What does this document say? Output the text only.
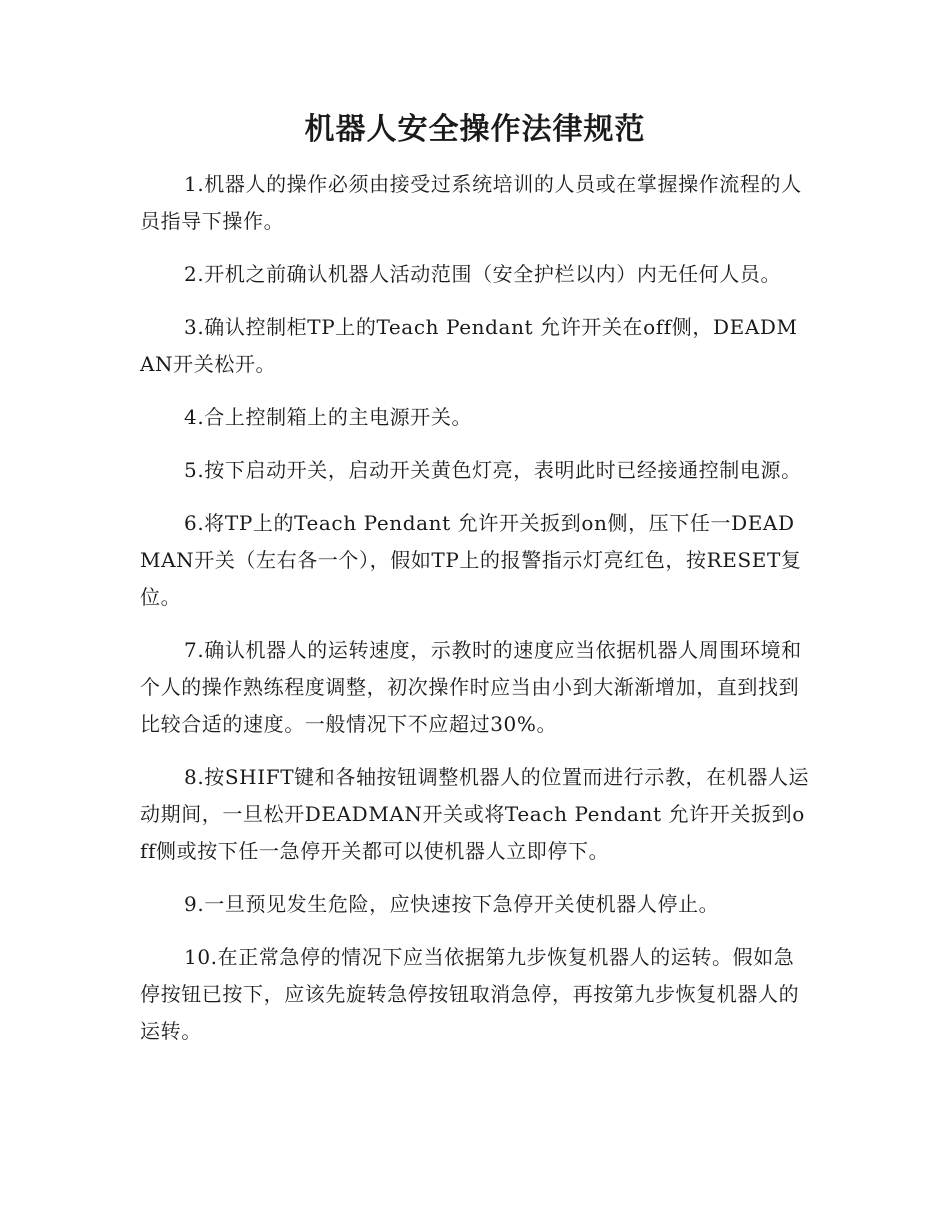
机器人安全操作法律规范

1.机器人的操作必须由接受过系统培训的人员或在掌握操作流程的人员指导下操作。

2.开机之前确认机器人活动范围（安全护栏以内）内无任何人员。

3.确认控制柜TP上的Teach Pendant 允许开关在off侧，DEADMAN开关松开。

4.合上控制箱上的主电源开关。

5.按下启动开关，启动开关黄色灯亮，表明此时已经接通控制电源。

6.将TP上的Teach Pendant 允许开关扳到on侧，压下任一DEADMAN开关（左右各一个），假如TP上的报警指示灯亮红色，按RESET复位。

7.确认机器人的运转速度，示教时的速度应当依据机器人周围环境和个人的操作熟练程度调整，初次操作时应当由小到大渐渐增加，直到找到比较合适的速度。一般情况下不应超过30%。

8.按SHIFT键和各轴按钮调整机器人的位置而进行示教，在机器人运动期间，一旦松开DEADMAN开关或将Teach Pendant 允许开关扳到off侧或按下任一急停开关都可以使机器人立即停下。

9.一旦预见发生危险，应快速按下急停开关使机器人停止。

10.在正常急停的情况下应当依据第九步恢复机器人的运转。假如急停按钮已按下，应该先旋转急停按钮取消急停，再按第九步恢复机器人的运转。
